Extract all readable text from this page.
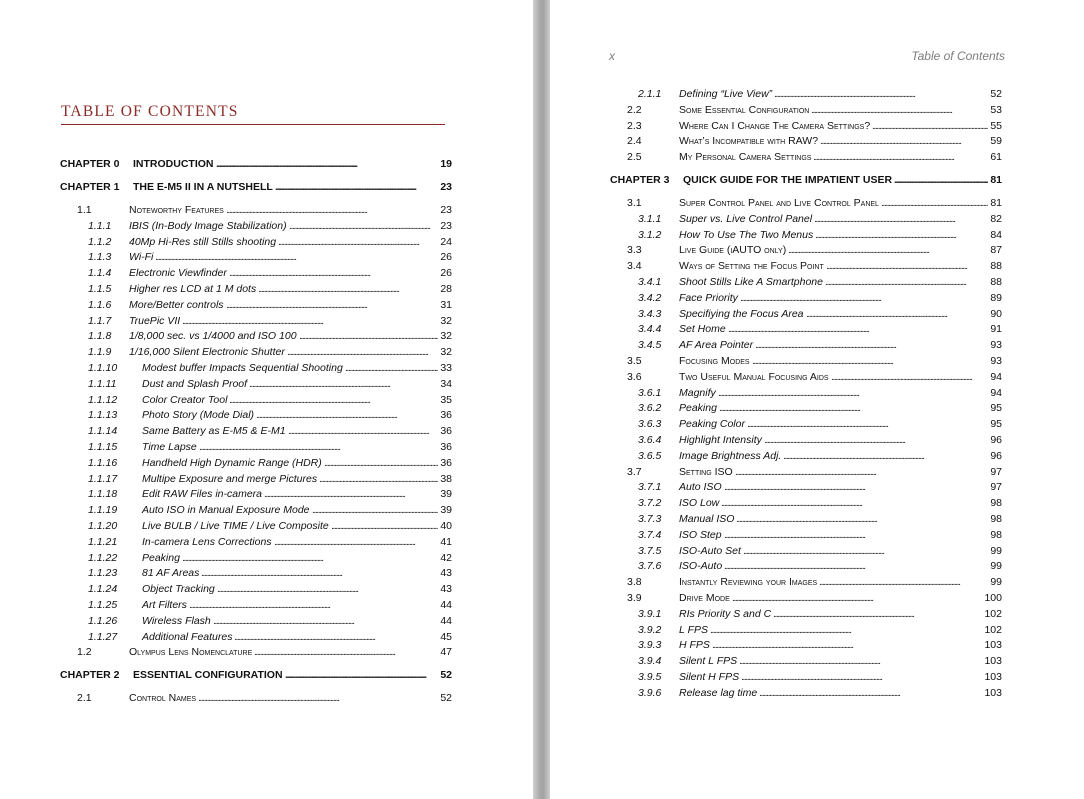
TABLE OF CONTENTS
CHAPTER 0 . . . INTRODUCTION	19
CHAPTER 1 . . . THE E-M5 II IN A NUTSHELL	23
1.1 . . .	Noteworthy Features	23
1.1.1 . . . IBIS (In-Body Image Stabilization)	23
1.1.2 . . . 40Mp Hi-Res still Stills shooting	24
1.1.3 . . . Wi-Fi	26
1.1.4 . . . Electronic Viewfinder	26
1.1.5 . . . Higher res LCD at 1 M dots	28
1.1.6 . . . More/Better controls	31
1.1.7 . . . TruePic VII	32
1.1.8 . . . 1/8,000 sec. vs 1/4000 and ISO 100	32
1.1.9 . . . 1/16,000 Silent Electronic Shutter	32
1.1.10 . . . Modest buffer Impacts Sequential Shooting	33
1.1.11 . . . Dust and Splash Proof	34
1.1.12 . . . Color Creator Tool	35
1.1.13 . . . Photo Story (Mode Dial)	36
1.1.14 . . . Same Battery as E-M5 & E-M1	36
1.1.15 . . . Time Lapse	36
1.1.16 . . . Handheld High Dynamic Range (HDR)	36
1.1.17 . . . Multipe Exposure and merge Pictures	38
1.1.18 . . . Edit RAW Files in-camera	39
1.1.19 . . . Auto ISO in Manual Exposure Mode	39
1.1.20 . . . Live BULB / Live TIME / Live Composite	40
1.1.21 . . . In-camera Lens Corrections	41
1.1.22 . . . Peaking	42
1.1.23 . . . 81 AF Areas	43
1.1.24 . . . Object Tracking	43
1.1.25 . . . Art Filters	44
1.1.26 . . . Wireless Flash	44
1.1.27 . . . Additional Features	45
1.2 . . .	Olympus Lens Nomenclature	47
CHAPTER 2 . . . ESSENTIAL CONFIGURATION	52
2.1 . . .	Control Names	52
x	Table of Contents
2.1.1 . . . Defining “Live View”	52
2.2 . . .	Some Essential Configuration	53
2.3 . . .	Where Can I Change The Camera Settings?	55
2.4 . . .	What’s Incompatible with RAW?	59
2.5 . . .	My Personal Camera Settings	61
CHAPTER 3 . . . QUICK GUIDE FOR THE IMPATIENT USER	81
3.1 . . .	Super Control Panel and Live Control Panel	81
3.1.1 . . . Super vs. Live Control Panel	82
3.1.2 . . . How To Use The Two Menus	84
3.3 . . .	Live Guide (iAUTO only)	87
3.4 . . .	Ways of Setting the Focus Point	88
3.4.1 . . . Shoot Stills Like A Smartphone	88
3.4.2 . . . Face Priority	89
3.4.3 . . . Specifiying the Focus Area	90
3.4.4 . . . Set Home	91
3.4.5 . . . AF Area Pointer	93
3.5 . . .	Focusing Modes	93
3.6 . . .	Two Useful Manual Focusing Aids	94
3.6.1 . . . Magnify	94
3.6.2 . . . Peaking	95
3.6.3 . . . Peaking Color	95
3.6.4 . . . Highlight Intensity	96
3.6.5 . . . Image Brightness Adj.	96
3.7 . . .	Setting ISO	97
3.7.1 . . . Auto ISO	97
3.7.2 . . . ISO Low	98
3.7.3 . . . Manual ISO	98
3.7.4 . . . ISO Step	98
3.7.5 . . . ISO-Auto Set	99
3.7.6 . . . ISO-Auto	99
3.8 . . .	Instantly Reviewing your Images	99
3.9 . . .	Drive Mode	100
3.9.1 . . . RIs Priority S and C	102
3.9.2 . . . L FPS	102
3.9.3 . . . H FPS	103
3.9.4 . . . Silent L FPS	103
3.9.5 . . . Silent H FPS	103
3.9.6 . . . Release lag time	103
